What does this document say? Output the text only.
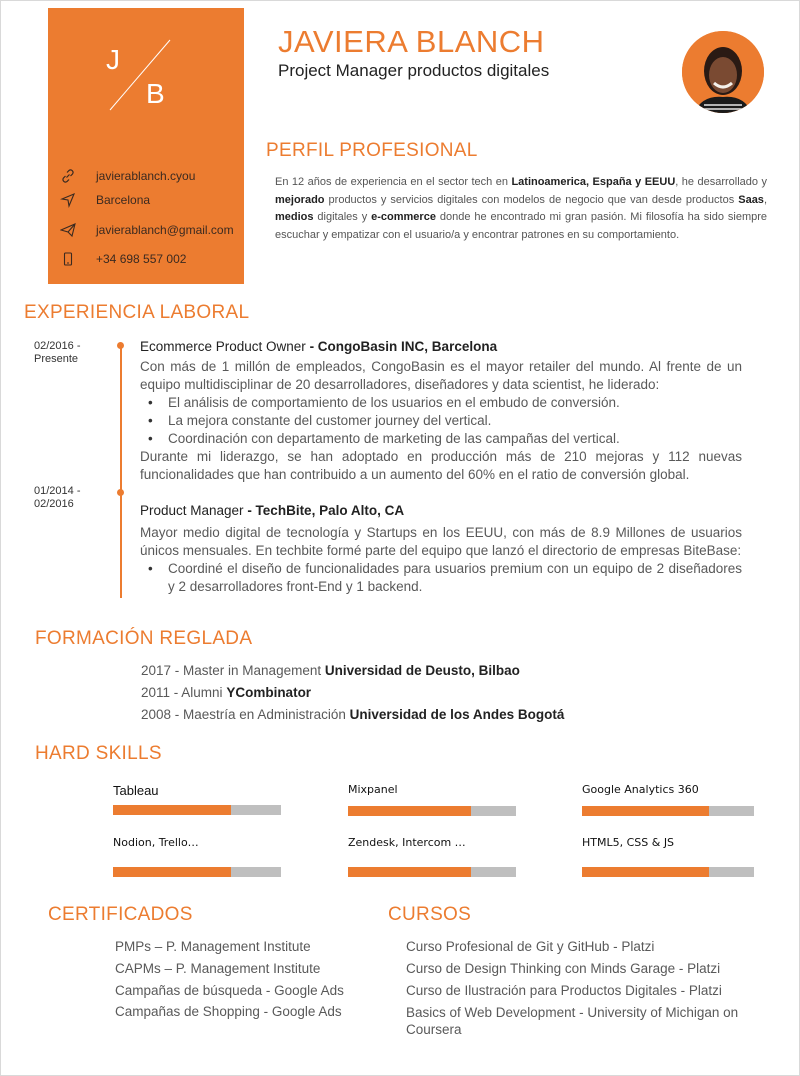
J
B
javierablanch.cyou
Barcelona
javierablanch@gmail.com
+34 698 557 002
JAVIERA BLANCH
Project Manager productos digitales
PERFIL PROFESIONAL
En 12 años de experiencia en el sector tech en Latinoamerica, España y EEUU, he desarrollado y mejorado productos y servicios digitales con modelos de negocio que van desde productos Saas, medios digitales y e-commerce donde he encontrado mi gran pasión. Mi filosofía ha sido siempre escuchar y empatizar con el usuario/a y encontrar patrones en su comportamiento.
EXPERIENCIA LABORAL
02/2016 -
Presente
01/2014 -
02/2016
Ecommerce Product Owner - CongoBasin INC, Barcelona
Con más de 1 millón de empleados, CongoBasin es el mayor retailer del mundo. Al frente de un equipo multidisciplinar de 20 desarrolladores, diseñadores y data scientist, he liderado:
• El análisis de comportamiento de los usuarios en el embudo de conversión.
• La mejora constante del customer journey del vertical.
• Coordinación con departamento de marketing de las campañas del vertical.
Durante mi liderazgo, se han adoptado en producción más de 210 mejoras y 112 nuevas funcionalidades que han contribuido a un aumento del 60% en el ratio de conversión global.
Product Manager - TechBite, Palo Alto, CA
Mayor medio digital de tecnología y Startups en los EEUU, con más de 8.9 Millones de usuarios únicos mensuales. En techbite formé parte del equipo que lanzó el directorio de empresas BiteBase:
• Coordiné el diseño de funcionalidades para usuarios premium con un equipo de 2 diseñadores y 2 desarrolladores front-End y 1 backend.
FORMACIÓN REGLADA
2017 - Master in Management Universidad de Deusto, Bilbao
2011 - Alumni YCombinator
2008 - Maestría en Administración Universidad de los Andes Bogotá
HARD SKILLS
Tableau	Mixpanel	Google Analytics 360
Nodion, Trello…	Zendesk, Intercom …	HTML5, CSS & JS
CERTIFICADOS
PMPs – P. Management Institute
CAPMs – P. Management Institute
Campañas de búsqueda - Google Ads
Campañas de Shopping - Google Ads
CURSOS
Curso Profesional de Git y GitHub - Platzi
Curso de Design Thinking con Minds Garage - Platzi
Curso de Ilustración para Productos Digitales - Platzi
Basics of Web Development - University of Michigan on Coursera
